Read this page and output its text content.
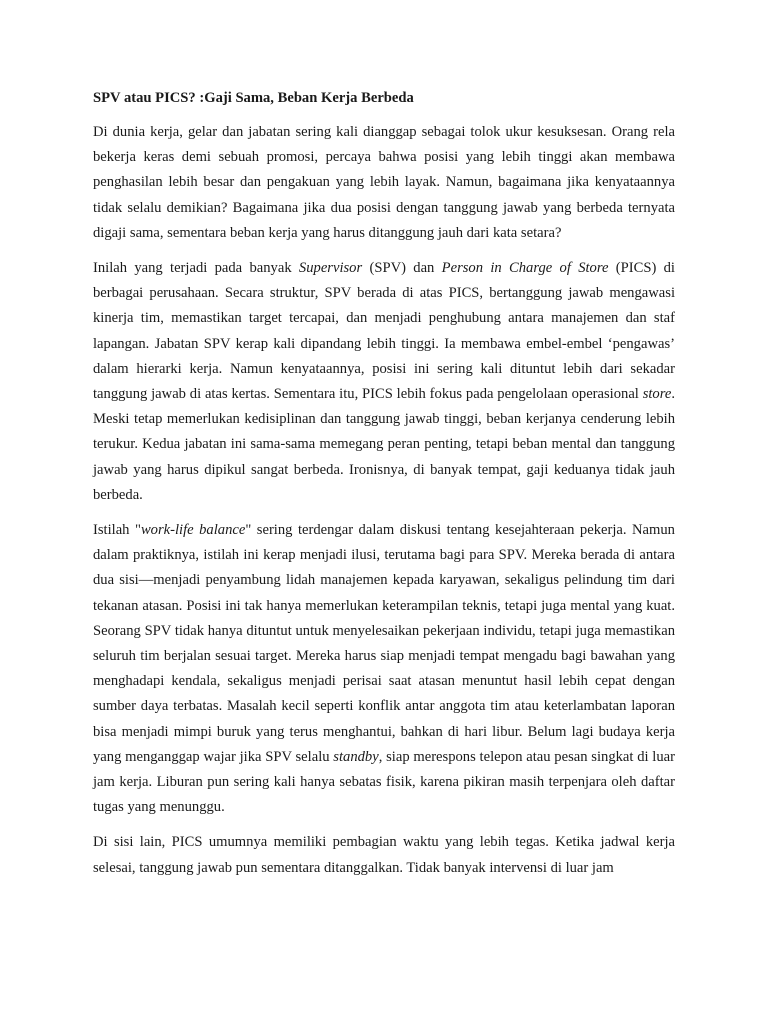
SPV atau PICS? :Gaji Sama, Beban Kerja Berbeda

Di dunia kerja, gelar dan jabatan sering kali dianggap sebagai tolok ukur kesuksesan. Orang rela bekerja keras demi sebuah promosi, percaya bahwa posisi yang lebih tinggi akan membawa penghasilan lebih besar dan pengakuan yang lebih layak. Namun, bagaimana jika kenyataannya tidak selalu demikian? Bagaimana jika dua posisi dengan tanggung jawab yang berbeda ternyata digaji sama, sementara beban kerja yang harus ditanggung jauh dari kata setara?

Inilah yang terjadi pada banyak Supervisor (SPV) dan Person in Charge of Store (PICS) di berbagai perusahaan. Secara struktur, SPV berada di atas PICS, bertanggung jawab mengawasi kinerja tim, memastikan target tercapai, dan menjadi penghubung antara manajemen dan staf lapangan. Jabatan SPV kerap kali dipandang lebih tinggi. Ia membawa embel-embel ‘pengawas’ dalam hierarki kerja. Namun kenyataannya, posisi ini sering kali dituntut lebih dari sekadar tanggung jawab di atas kertas. Sementara itu, PICS lebih fokus pada pengelolaan operasional store. Meski tetap memerlukan kedisiplinan dan tanggung jawab tinggi, beban kerjanya cenderung lebih terukur. Kedua jabatan ini sama-sama memegang peran penting, tetapi beban mental dan tanggung jawab yang harus dipikul sangat berbeda. Ironisnya, di banyak tempat, gaji keduanya tidak jauh berbeda.

Istilah "work-life balance" sering terdengar dalam diskusi tentang kesejahteraan pekerja. Namun dalam praktiknya, istilah ini kerap menjadi ilusi, terutama bagi para SPV. Mereka berada di antara dua sisi—menjadi penyambung lidah manajemen kepada karyawan, sekaligus pelindung tim dari tekanan atasan. Posisi ini tak hanya memerlukan keterampilan teknis, tetapi juga mental yang kuat. Seorang SPV tidak hanya dituntut untuk menyelesaikan pekerjaan individu, tetapi juga memastikan seluruh tim berjalan sesuai target. Mereka harus siap menjadi tempat mengadu bagi bawahan yang menghadapi kendala, sekaligus menjadi perisai saat atasan menuntut hasil lebih cepat dengan sumber daya terbatas. Masalah kecil seperti konflik antar anggota tim atau keterlambatan laporan bisa menjadi mimpi buruk yang terus menghantui, bahkan di hari libur. Belum lagi budaya kerja yang menganggap wajar jika SPV selalu standby, siap merespons telepon atau pesan singkat di luar jam kerja. Liburan pun sering kali hanya sebatas fisik, karena pikiran masih terpenjara oleh daftar tugas yang menunggu.

Di sisi lain, PICS umumnya memiliki pembagian waktu yang lebih tegas. Ketika jadwal kerja selesai, tanggung jawab pun sementara ditanggalkan. Tidak banyak intervensi di luar jam
